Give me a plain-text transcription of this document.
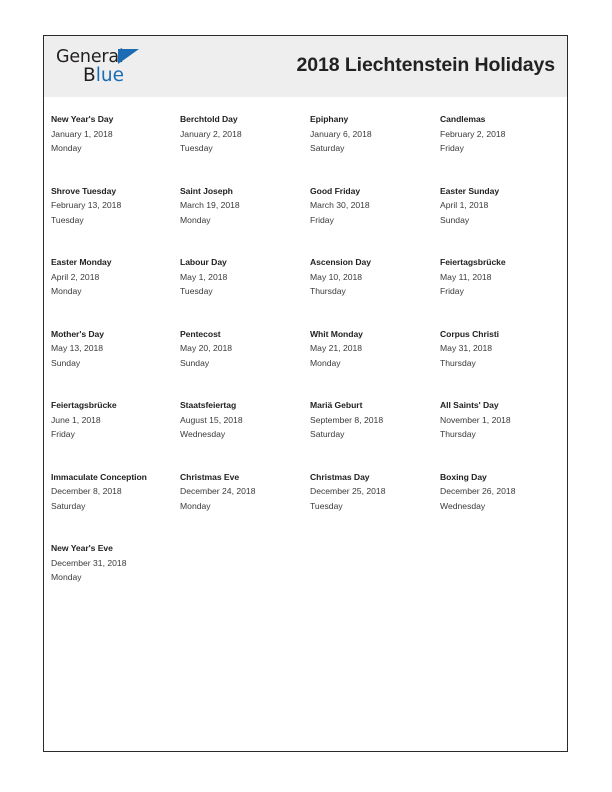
General
Blue	2018 Liechtenstein Holidays
New Year's Day
January 1, 2018
Monday
Berchtold Day
January 2, 2018
Tuesday
Epiphany
January 6, 2018
Saturday
Candlemas
February 2, 2018
Friday
Shrove Tuesday
February 13, 2018
Tuesday
Saint Joseph
March 19, 2018
Monday
Good Friday
March 30, 2018
Friday
Easter Sunday
April 1, 2018
Sunday
Easter Monday
April 2, 2018
Monday
Labour Day
May 1, 2018
Tuesday
Ascension Day
May 10, 2018
Thursday
Feiertagsbrücke
May 11, 2018
Friday
Mother's Day
May 13, 2018
Sunday
Pentecost
May 20, 2018
Sunday
Whit Monday
May 21, 2018
Monday
Corpus Christi
May 31, 2018
Thursday
Feiertagsbrücke
June 1, 2018
Friday
Staatsfeiertag
August 15, 2018
Wednesday
Mariä Geburt
September 8, 2018
Saturday
All Saints' Day
November 1, 2018
Thursday
Immaculate Conception
December 8, 2018
Saturday
Christmas Eve
December 24, 2018
Monday
Christmas Day
December 25, 2018
Tuesday
Boxing Day
December 26, 2018
Wednesday
New Year's Eve
December 31, 2018
Monday
